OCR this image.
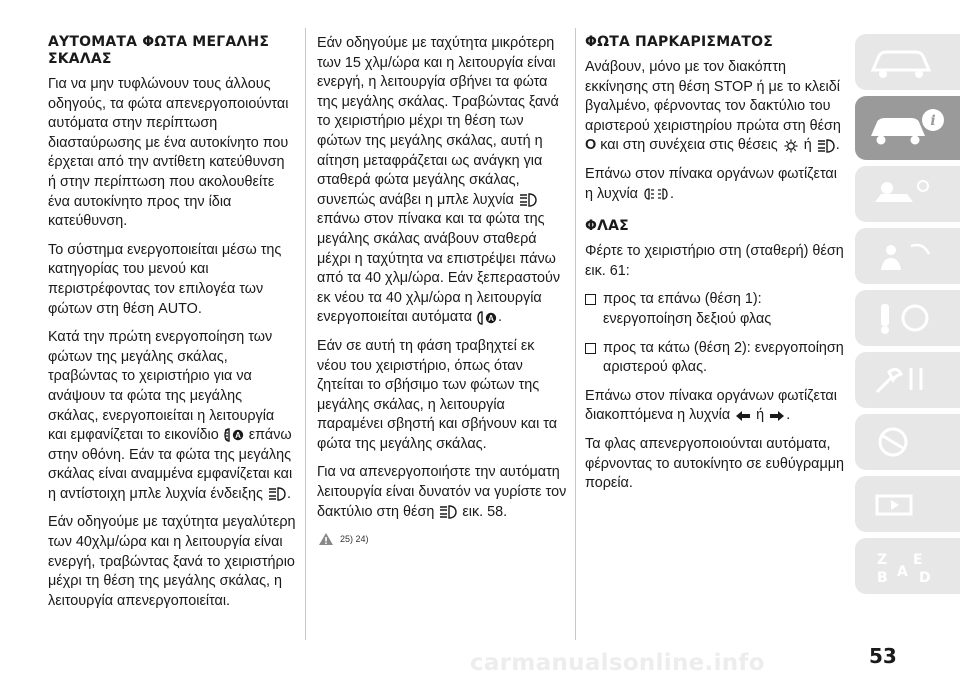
ΑΥΤΟΜΑΤΑ ΦΩΤΑ ΜΕΓΑΛΗΣ ΣΚΑΛΑΣ

Για να μην τυφλώνουν τους άλλους οδηγούς, τα φώτα απενεργοποιούνται αυτόματα στην περίπτωση διασταύρωσης με ένα αυτοκίνητο που έρχεται από την αντίθετη κατεύθυνση ή στην περίπτωση που ακολουθείτε ένα αυτοκίνητο προς την ίδια κατεύθυνση.

Το σύστημα ενεργοποιείται μέσω της κατηγορίας του μενού και περιστρέφοντας τον επιλογέα των φώτων στη θέση AUTO.

Κατά την πρώτη ενεργοποίηση των φώτων της μεγάλης σκάλας, τραβώντας το χειριστήριο για να ανάψουν τα φώτα της μεγάλης σκάλας, ενεργοποιείται η λειτουργία και εμφανίζεται το εικονίδιο A επάνω στην οθόνη. Εάν τα φώτα της μεγάλης σκάλας είναι αναμμένα εμφανίζεται και η αντίστοιχη μπλε λυχνία ένδειξης .

Εάν οδηγούμε με ταχύτητα μεγαλύτερη των 40χλμ/ώρα και η λειτουργία είναι ενεργή, τραβώντας ξανά το χειριστήριο μέχρι τη θέση της μεγάλης σκάλας, η λειτουργία απενεργοποιείται.

Εάν οδηγούμε με ταχύτητα μικρότερη των 15 χλμ/ώρα και η λειτουργία είναι ενεργή, η λειτουργία σβήνει τα φώτα της μεγάλης σκάλας. Τραβώντας ξανά το χειριστήριο μέχρι τη θέση των φώτων της μεγάλης σκάλας, αυτή η αίτηση μεταφράζεται ως ανάγκη για σταθερά φώτα μεγάλης σκάλας, συνεπώς ανάβει η μπλε λυχνία
επάνω στον πίνακα και τα φώτα της μεγάλης σκάλας ανάβουν σταθερά μέχρι η ταχύτητα να επιστρέψει πάνω από τα 40 χλμ/ώρα. Εάν ξεπεραστούν εκ νέου τα 40 χλμ/ώρα η λειτουργία ενεργοποιείται αυτόματα A .

Εάν σε αυτή τη φάση τραβηχτεί εκ νέου του χειριστήριο, όπως όταν ζητείται το σβήσιμο των φώτων της μεγάλης σκάλας, η λειτουργία παραμένει σβηστή και σβήνουν και τα φώτα της μεγάλης σκάλας.

Για να απενεργοποιήστε την αυτόματη λειτουργία είναι δυνατόν να γυρίστε τον δακτύλιο στη θέση εικ. 58.

25) 24)
ΦΩΤΑ ΠΑΡΚΑΡΙΣΜΑΤΟΣ

Ανάβουν, μόνο με τον διακόπτη εκκίνησης στη θέση STOP ή με το κλειδί βγαλμένο, φέρνοντας τον δακτύλιο του αριστερού χειριστηρίου πρώτα στη θέση O και στη συνέχεια στις θέσεις ή .

Επάνω στον πίνακα οργάνων φωτίζεται η λυχνία .

ΦΛΑΣ

Φέρτε το χειριστήριο στη (σταθερή) θέση εικ. 61:

προς τα επάνω (θέση 1): ενεργοποίηση δεξιού φλας

προς τα κάτω (θέση 2): ενεργοποίηση αριστερού φλας.

Επάνω στον πίνακα οργάνων φωτίζεται διακοπτόμενα η λυχνία ή .

Τα φλας απενεργοποιούνται αυτόματα, φέρνοντας το αυτοκίνητο σε ευθύγραμμη πορεία.

i
Z E
B A D
carmanualsonline.info	53
